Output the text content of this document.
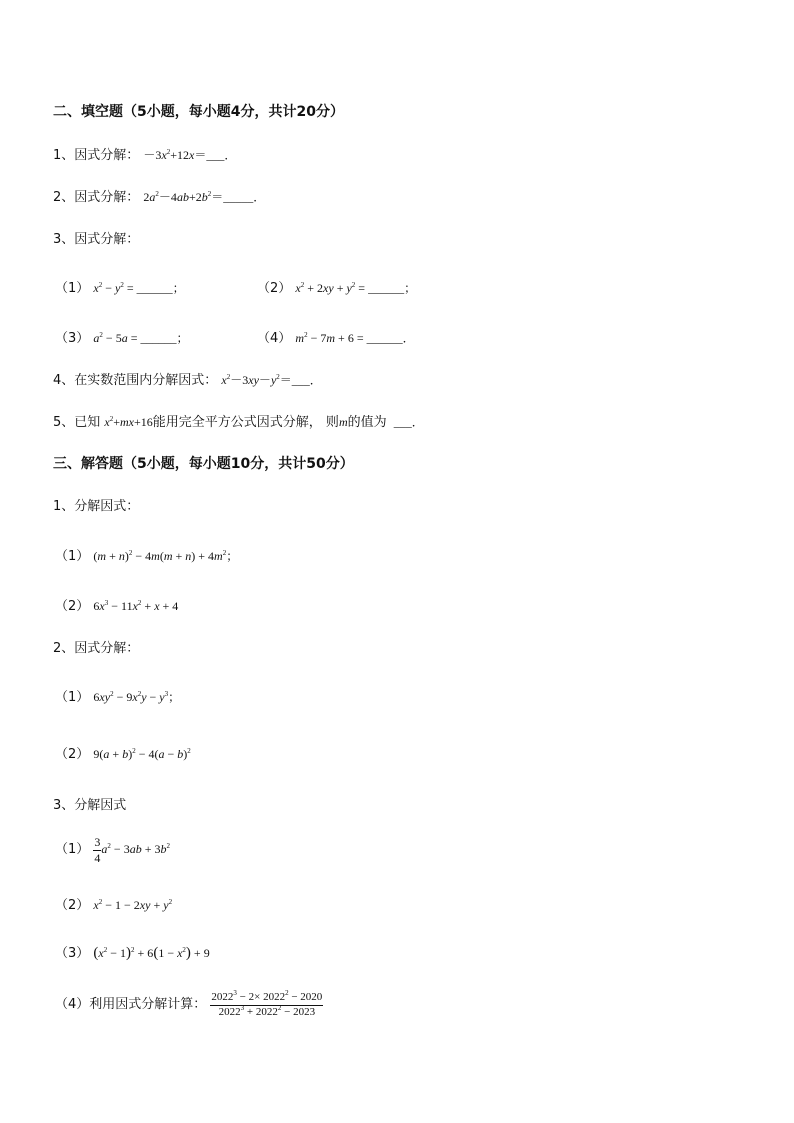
二、填空题（5小题，每小题4分，共计20分）
1、因式分解： $-3x^2+12x=\_\_\_$．
2、因式分解： $2a^2-4ab+2b^2=\_\_\_\_\_$．
3、因式分解：
（1） $x^2 - y^2$ = ______；	（2） $x^2 + 2xy + y^2$ = ______；
（3） $a^2 - 5a$ = ______；	（4） $m^2 - 7m + 6$ = ______．
4、在实数范围内分解因式： $x^2-3xy-y^2=\_\_\_$．
5、已知 $x^2+mx+16$能用完全平方公式因式分解， 则m的值为  ___．
三、解答题（5小题，每小题10分，共计50分）
1、分解因式：
（1） $(m + n)^2 - 4m(m + n) + 4m^2$；
（2） $6x^3 - 11x^2 + x + 4$
2、因式分解：
（1） $6xy^2 - 9x^2y - y^3$；
（2） $9(a + b)^2 - 4(a - b)^2$
3、分解因式
$(1) \frac{3}{4} a^2 - 3ab + 3b^2$
（2） $x^2 - 1 - 2xy + y^2$
（3） $(x^2 - 1)^2 + 6(1 - x^2) + 9$
（4）利用因式分解计算： $\frac{2022^3 - 2\times 2022^2 - 2020}{2022^3 + 2022^2 - 2023}$
